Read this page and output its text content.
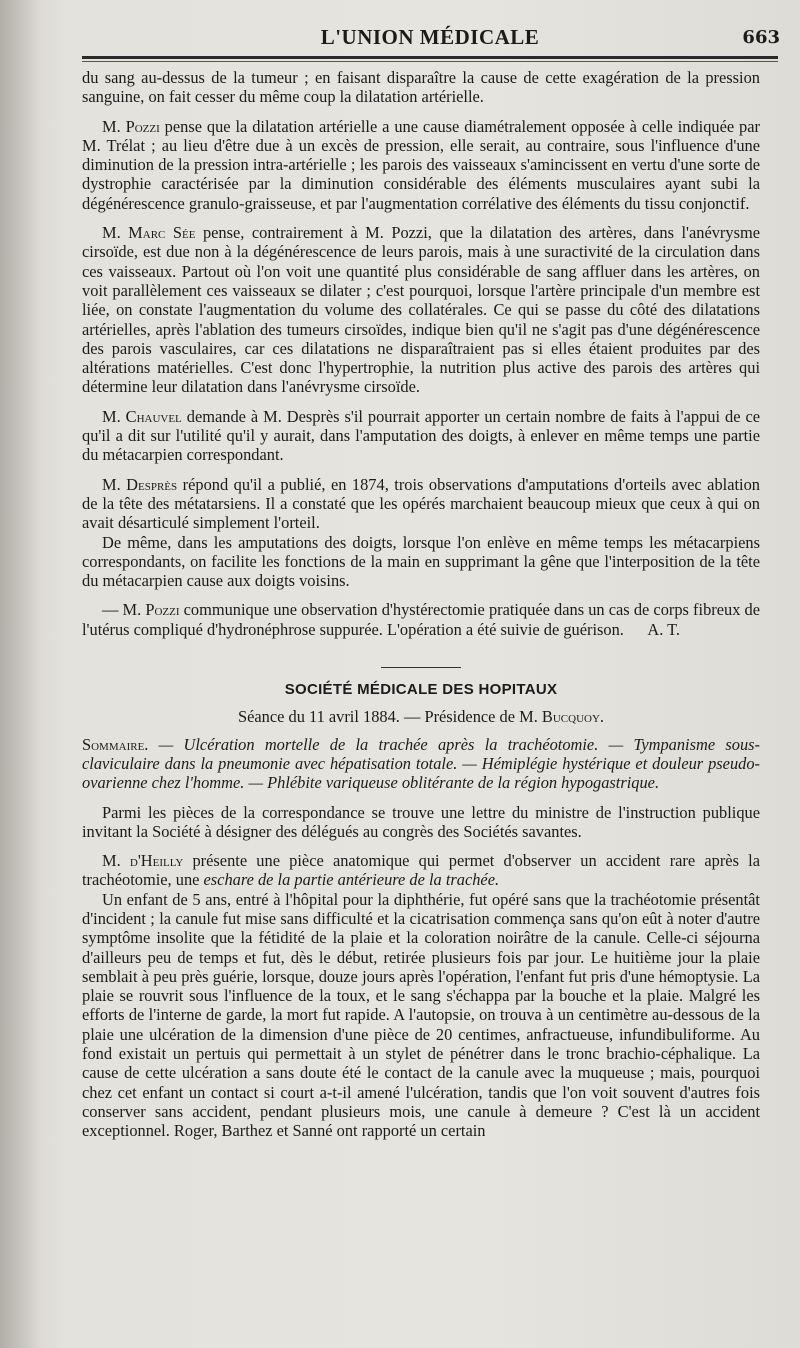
L'UNION MÉDICALE	663

du sang au-dessus de la tumeur ; en faisant disparaître la cause de cette exagération de la pression sanguine, on fait cesser du même coup la dilatation artérielle.

M. Pozzi pense que la dilatation artérielle a une cause diamétralement opposée à celle indiquée par M. Trélat ; au lieu d'être due à un excès de pression, elle serait, au contraire, sous l'influence d'une diminution de la pression intra-artérielle ; les parois des vaisseaux s'amincissent en vertu d'une sorte de dystrophie caractérisée par la diminution considérable des éléments musculaires ayant subi la dégénérescence granulo-graisseuse, et par l'augmentation corrélative des éléments du tissu conjonctif.

M. Marc Sée pense, contrairement à M. Pozzi, que la dilatation des artères, dans l'anévrysme cirsoïde, est due non à la dégénérescence de leurs parois, mais à une suractivité de la circulation dans ces vaisseaux. Partout où l'on voit une quantité plus considérable de sang affluer dans les artères, on voit parallèlement ces vaisseaux se dilater ; c'est pourquoi, lorsque l'artère principale d'un membre est liée, on constate l'augmentation du volume des collatérales. Ce qui se passe du côté des dilatations artérielles, après l'ablation des tumeurs cirsoïdes, indique bien qu'il ne s'agit pas d'une dégénérescence des parois vasculaires, car ces dilatations ne disparaîtraient pas si elles étaient produites par des altérations matérielles. C'est donc l'hypertrophie, la nutrition plus active des parois des artères qui détermine leur dilatation dans l'anévrysme cirsoïde.

M. Chauvel demande à M. Desprès s'il pourrait apporter un certain nombre de faits à l'appui de ce qu'il a dit sur l'utilité qu'il y aurait, dans l'amputation des doigts, à enlever en même temps une partie du métacarpien correspondant.

M. Desprès répond qu'il a publié, en 1874, trois observations d'amputations d'orteils avec ablation de la tête des métatarsiens. Il a constaté que les opérés marchaient beaucoup mieux que ceux à qui on avait désarticulé simplement l'orteil.

De même, dans les amputations des doigts, lorsque l'on enlève en même temps les métacarpiens correspondants, on facilite les fonctions de la main en supprimant la gêne que l'interposition de la tête du métacarpien cause aux doigts voisins.

— M. Pozzi communique une observation d'hystérectomie pratiquée dans un cas de corps fibreux de l'utérus compliqué d'hydronéphrose suppurée. L'opération a été suivie de guérison.	A. T.

SOCIÉTÉ MÉDICALE DES HOPITAUX
Séance du 11 avril 1884. — Présidence de M. Bucquoy.

Sommaire. — Ulcération mortelle de la trachée après la trachéotomie. — Tympanisme sous-claviculaire dans la pneumonie avec hépatisation totale. — Hémiplégie hystérique et douleur pseudo-ovarienne chez l'homme. — Phlébite variqueuse oblitérante de la région hypogastrique.

Parmi les pièces de la correspondance se trouve une lettre du ministre de l'instruction publique invitant la Société à désigner des délégués au congrès des Sociétés savantes.

M. d'Heilly présente une pièce anatomique qui permet d'observer un accident rare après la trachéotomie, une eschare de la partie antérieure de la trachée.

Un enfant de 5 ans, entré à l'hôpital pour la diphthérie, fut opéré sans que la trachéotomie présentât d'incident ; la canule fut mise sans difficulté et la cicatrisation commença sans qu'on eût à noter d'autre symptôme insolite que la fétidité de la plaie et la coloration noirâtre de la canule. Celle-ci séjourna d'ailleurs peu de temps et fut, dès le début, retirée plusieurs fois par jour. Le huitième jour la plaie semblait à peu près guérie, lorsque, douze jours après l'opération, l'enfant fut pris d'une hémoptysie. La plaie se rouvrit sous l'influence de la toux, et le sang s'échappa par la bouche et la plaie. Malgré les efforts de l'interne de garde, la mort fut rapide. A l'autopsie, on trouva à un centimètre au-dessous de la plaie une ulcération de la dimension d'une pièce de 20 centimes, anfractueuse, infundibuliforme. Au fond existait un pertuis qui permettait à un stylet de pénétrer dans le tronc brachio-céphalique. La cause de cette ulcération a sans doute été le contact de la canule avec la muqueuse ; mais, pourquoi chez cet enfant un contact si court a-t-il amené l'ulcération, tandis que l'on voit souvent d'autres fois conserver sans accident, pendant plusieurs mois, une canule à demeure ? C'est là un accident exceptionnel. Roger, Barthez et Sanné ont rapporté un certain
